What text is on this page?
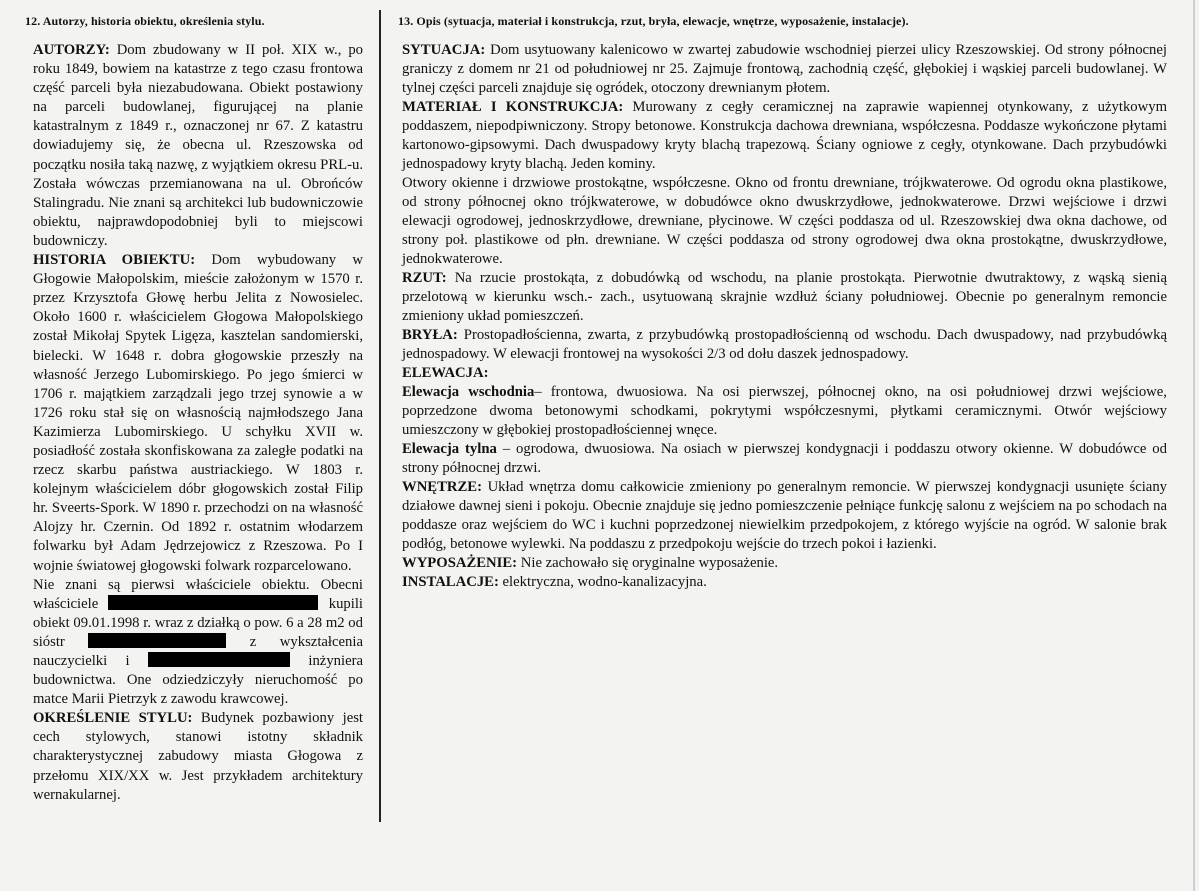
12. Autorzy, historia obiektu, określenia stylu.

AUTORZY: Dom zbudowany w II poł. XIX w., po roku 1849, bowiem na katastrze z tego czasu frontowa część parceli była niezabudowana. Obiekt postawiony na parceli budowlanej, figurującej na planie katastralnym z 1849 r., oznaczonej nr 67. Z katastru dowiadujemy się, że obecna ul. Rzeszowska od początku nosiła taką nazwę, z wyjątkiem okresu PRL-u. Została wówczas przemianowana na ul. Obrońców Stalingradu. Nie znani są architekci lub budowniczowie obiektu, najprawdopodobniej byli to miejscowi budowniczy.

HISTORIA OBIEKTU: Dom wybudowany w Głogowie Małopolskim, mieście założonym w 1570 r. przez Krzysztofa Głowę herbu Jelita z Nowosielec. Około 1600 r. właścicielem Głogowa Małopolskiego został Mikołaj Spytek Ligęza, kasztelan sandomierski, bielecki. W 1648 r. dobra głogowskie przeszły na własność Jerzego Lubomirskiego. Po jego śmierci w 1706 r. majątkiem zarządzali jego trzej synowie a w 1726 roku stał się on własnością najmłodszego Jana Kazimierza Lubomirskiego. U schyłku XVII w. posiadłość została skonfiskowana za zaległe podatki na rzecz skarbu państwa austriackiego. W 1803 r. kolejnym właścicielem dóbr głogowskich został Filip hr. Sveerts-Spork. W 1890 r. przechodzi on na własność Alojzy hr. Czernin. Od 1892 r. ostatnim włodarzem folwarku był Adam Jędrzejowicz z Rzeszowa. Po I wojnie światowej głogowski folwark rozparcelowano.

Nie znani są pierwsi właściciele obiektu. Obecni właściciele	kupili obiekt 09.01.1998 r. wraz z działką o pow. 6 a 28 m2 od sióstr	z wykształcenia nauczycielki i	inżyniera budownictwa. One odziedziczyły nieruchomość po matce Marii Pietrzyk z zawodu krawcowej.

OKREŚLENIE STYLU: Budynek pozbawiony jest cech stylowych, stanowi istotny składnik charakterystycznej zabudowy miasta Głogowa z przełomu XIX/XX w. Jest przykładem architektury wernakularnej.

13. Opis (sytuacja, materiał i konstrukcja, rzut, bryła, elewacje, wnętrze, wyposażenie, instalacje).

SYTUACJA: Dom usytuowany kalenicowo w zwartej zabudowie wschodniej pierzei ulicy Rzeszowskiej. Od strony północnej graniczy z domem nr 21 od południowej nr 25. Zajmuje frontową, zachodnią część, głębokiej i wąskiej parceli budowlanej. W tylnej części parceli znajduje się ogródek, otoczony drewnianym płotem.

MATERIAŁ I KONSTRUKCJA: Murowany z cegły ceramicznej na zaprawie wapiennej otynkowany, z użytkowym poddaszem, niepodpiwniczony. Stropy betonowe. Konstrukcja dachowa drewniana, współczesna. Poddasze wykończone płytami kartonowo-gipsowymi. Dach dwuspadowy kryty blachą trapezową. Ściany ogniowe z cegły, otynkowane. Dach przybudówki jednospadowy kryty blachą. Jeden kominy.

Otwory okienne i drzwiowe prostokątne, współczesne. Okno od frontu drewniane, trójkwaterowe. Od ogrodu okna plastikowe, od strony północnej okno trójkwaterowe, w dobudówce okno dwuskrzydłowe, jednokwaterowe. Drzwi wejściowe i drzwi elewacji ogrodowej, jednoskrzydłowe, drewniane, płycinowe. W części poddasza od ul. Rzeszowskiej dwa okna dachowe, od strony poł. plastikowe od płn. drewniane. W części poddasza od strony ogrodowej dwa okna prostokątne, dwuskrzydłowe, jednokwaterowe.

RZUT: Na rzucie prostokąta, z dobudówką od wschodu, na planie prostokąta. Pierwotnie dwutraktowy, z wąską sienią przelotową w kierunku wsch.- zach., usytuowaną skrajnie wzdłuż ściany południowej. Obecnie po generalnym remoncie zmieniony układ pomieszczeń.

BRYŁA: Prostopadłościenna, zwarta, z przybudówką prostopadłościenną od wschodu. Dach dwuspadowy, nad przybudówką jednospadowy. W elewacji frontowej na wysokości 2/3 od dołu daszek jednospadowy.

ELEWACJA:

Elewacja wschodnia– frontowa, dwuosiowa. Na osi pierwszej, północnej okno, na osi południowej drzwi wejściowe, poprzedzone dwoma betonowymi schodkami, pokrytymi współczesnymi, płytkami ceramicznymi. Otwór wejściowy umieszczony w głębokiej prostopadłościennej wnęce.

Elewacja tylna – ogrodowa, dwuosiowa. Na osiach w pierwszej kondygnacji i poddaszu otwory okienne. W dobudówce od strony północnej drzwi.

WNĘTRZE: Układ wnętrza domu całkowicie zmieniony po generalnym remoncie. W pierwszej kondygnacji usunięte ściany działowe dawnej sieni i pokoju. Obecnie znajduje się jedno pomieszczenie pełniące funkcję salonu z wejściem na po schodach na poddasze oraz wejściem do WC i kuchni poprzedzonej niewielkim przedpokojem, z którego wyjście na ogród. W salonie brak podłóg, betonowe wylewki. Na poddaszu z przedpokoju wejście do trzech pokoi i łazienki.

WYPOSAŻENIE: Nie zachowało się oryginalne wyposażenie.

INSTALACJE: elektryczna, wodno-kanalizacyjna.
